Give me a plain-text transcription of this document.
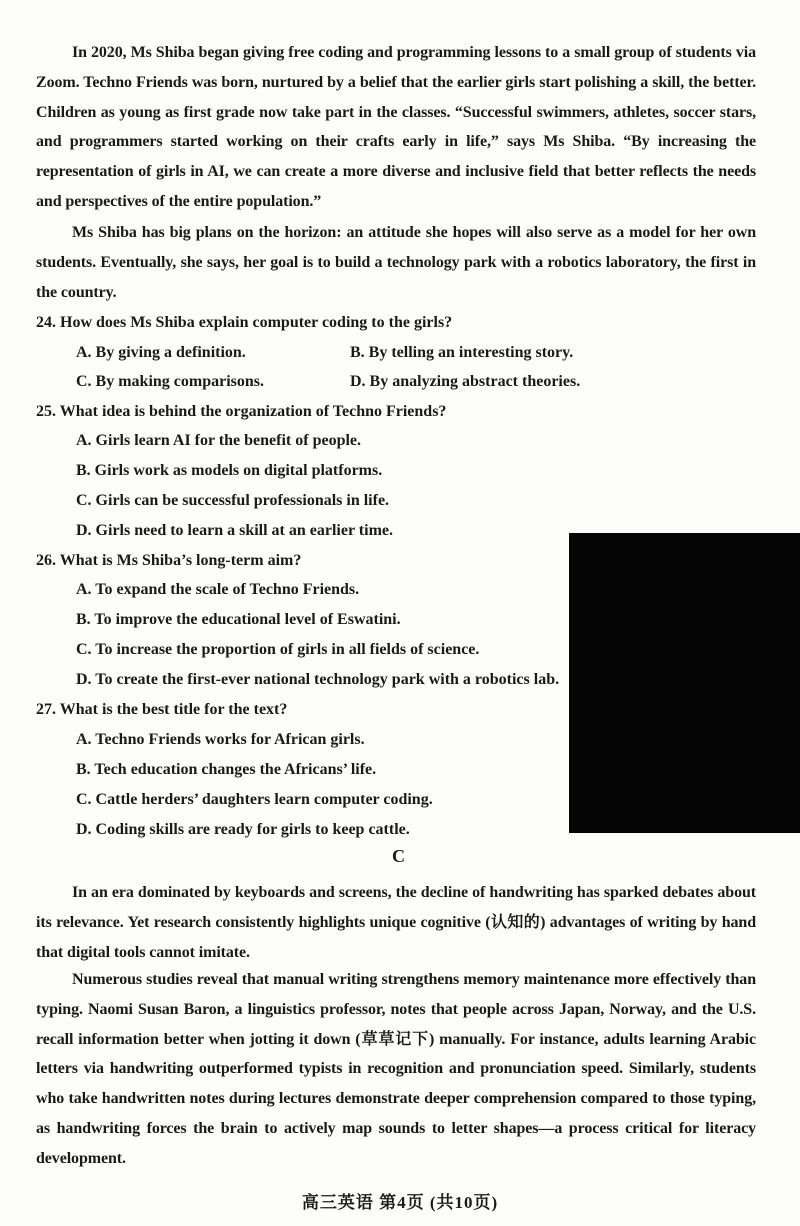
In 2020, Ms Shiba began giving free coding and programming lessons to a small group of students via Zoom. Techno Friends was born, nurtured by a belief that the earlier girls start polishing a skill, the better. Children as young as first grade now take part in the classes. “Successful swimmers, athletes, soccer stars, and programmers started working on their crafts early in life,” says Ms Shiba. “By increasing the representation of girls in AI, we can create a more diverse and inclusive field that better reflects the needs and perspectives of the entire population.”

Ms Shiba has big plans on the horizon: an attitude she hopes will also serve as a model for her own students. Eventually, she says, her goal is to build a technology park with a robotics laboratory, the first in the country.

24. How does Ms Shiba explain computer coding to the girls?
A. By giving a definition.	B. By telling an interesting story.
C. By making comparisons.	D. By analyzing abstract theories.
25. What idea is behind the organization of Techno Friends?
A. Girls learn AI for the benefit of people.
B. Girls work as models on digital platforms.
C. Girls can be successful professionals in life.
D. Girls need to learn a skill at an earlier time.
26. What is Ms Shiba’s long-term aim?
A. To expand the scale of Techno Friends.
B. To improve the educational level of Eswatini.
C. To increase the proportion of girls in all fields of science.
D. To create the first-ever national technology park with a robotics lab.
27. What is the best title for the text?
A. Techno Friends works for African girls.
B. Tech education changes the Africans’ life.
C. Cattle herders’ daughters learn computer coding.
D. Coding skills are ready for girls to keep cattle.
C

In an era dominated by keyboards and screens, the decline of handwriting has sparked debates about its relevance. Yet research consistently highlights unique cognitive (认知的) advantages of writing by hand that digital tools cannot imitate.

Numerous studies reveal that manual writing strengthens memory maintenance more effectively than typing. Naomi Susan Baron, a linguistics professor, notes that people across Japan, Norway, and the U.S. recall information better when jotting it down (草草记下) manually. For instance, adults learning Arabic letters via handwriting outperformed typists in recognition and pronunciation speed. Similarly, students who take handwritten notes during lectures demonstrate deeper comprehension compared to those typing, as handwriting forces the brain to actively map sounds to letter shapes—a process critical for literacy development.

高三英语 第4页 (共10页)
